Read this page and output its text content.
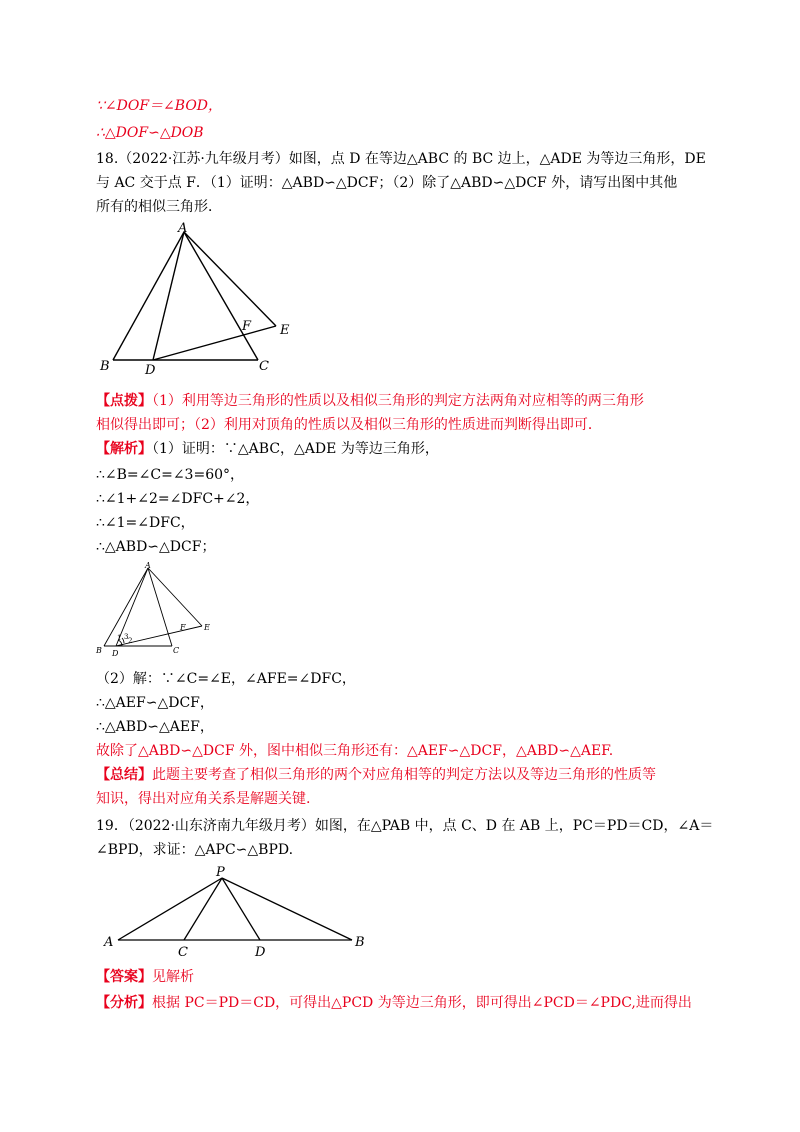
∵∠DOF＝∠BOD，
∴△DOF∽△DOB
18.（2022·江苏·九年级月考）如图，点 D 在等边△ABC 的 BC 边上，△ADE 为等边三角形，DE
与 AC 交于点 F．（1）证明：△ABD∽△DCF；（2）除了△ABD∽△DCF 外，请写出图中其他
所有的相似三角形．
A
B	C
D
E
F
【点拨】（1）利用等边三角形的性质以及相似三角形的判定方法两角对应相等的两三角形
相似得出即可；（2）利用对顶角的性质以及相似三角形的性质进而判断得出即可．
【解析】（1）证明：∵△ABC，△ADE 为等边三角形，
∴∠B=∠C=∠3=60°，
∴∠1+∠2=∠DFC+∠2，
∴∠1=∠DFC，
∴△ABD∽△DCF；
A
B	C
D
E
F
1 2
3
（2）解：∵∠C=∠E，∠AFE=∠DFC，
∴△AEF∽△DCF，
∴△ABD∽△AEF，
故除了△ABD∽△DCF 外，图中相似三角形还有：△AEF∽△DCF，△ABD∽△AEF.
【总结】此题主要考查了相似三角形的两个对应角相等的判定方法以及等边三角形的性质等
知识，得出对应角关系是解题关键.
19．（2022·山东济南九年级月考）如图，在△PAB 中，点 C、D 在 AB 上，PC＝PD＝CD，∠A＝
∠BPD，求证：△APC∽△BPD.
P
A	B
C	D
【答案】见解析
【分析】根据 PC＝PD＝CD，可得出△PCD 为等边三角形，即可得出∠PCD＝∠PDC,进而得出
